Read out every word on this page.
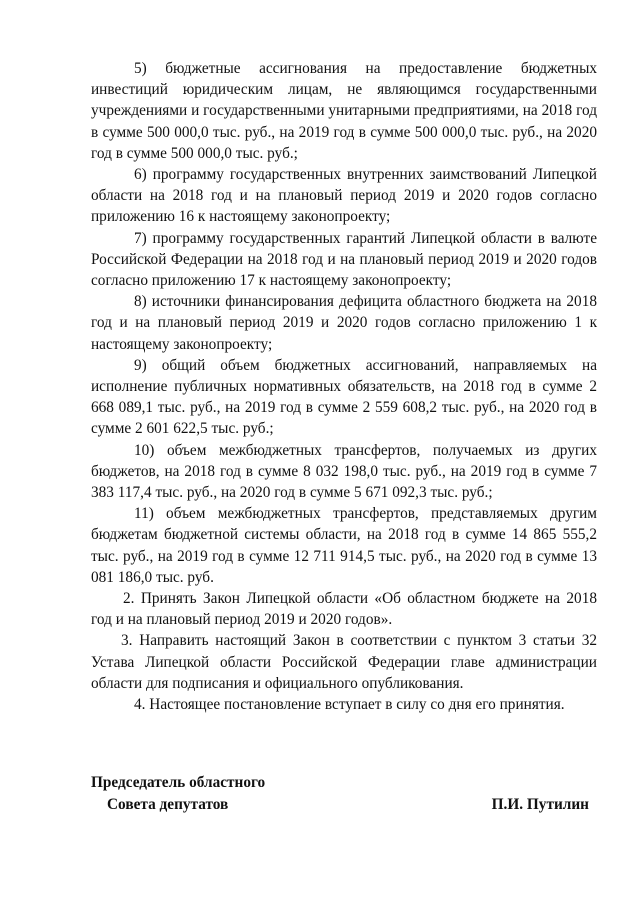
5) бюджетные ассигнования на предоставление бюджетных инвестиций юридическим лицам, не являющимся государственными учреждениями и государственными унитарными предприятиями, на 2018 год в сумме 500 000,0 тыс. руб., на 2019 год в сумме 500 000,0 тыс. руб., на 2020 год в сумме 500 000,0 тыс. руб.;

6) программу государственных внутренних заимствований Липецкой области на 2018 год и на плановый период 2019 и 2020 годов согласно приложению 16 к настоящему законопроекту;

7) программу государственных гарантий Липецкой области в валюте Российской Федерации на 2018 год и на плановый период 2019 и 2020 годов согласно приложению 17 к настоящему законопроекту;

8) источники финансирования дефицита областного бюджета на 2018 год и на плановый период 2019 и 2020 годов согласно приложению 1 к настоящему законопроекту;

9) общий объем бюджетных ассигнований, направляемых на исполнение публичных нормативных обязательств, на 2018 год в сумме 2 668 089,1 тыс. руб., на 2019 год в сумме 2 559 608,2 тыс. руб., на 2020 год в сумме 2 601 622,5 тыс. руб.;

10) объем межбюджетных трансфертов, получаемых из других бюджетов, на 2018 год в сумме 8 032 198,0 тыс. руб., на 2019 год в сумме 7 383 117,4 тыс. руб., на 2020 год в сумме 5 671 092,3 тыс. руб.;

11) объем межбюджетных трансфертов, представляемых другим бюджетам бюджетной системы области, на 2018 год в сумме 14 865 555,2 тыс. руб., на 2019 год в сумме 12 711 914,5 тыс. руб., на 2020 год в сумме 13 081 186,0 тыс. руб.

2. Принять Закон Липецкой области «Об областном бюджете на 2018 год и на плановый период 2019 и 2020 годов».

3. Направить настоящий Закон в соответствии с пунктом 3 статьи 32 Устава Липецкой области Российской Федерации главе администрации области для подписания и официального опубликования.

4. Настоящее постановление вступает в силу со дня его принятия.

Председатель областного
Совета депутатов	П.И. Путилин
